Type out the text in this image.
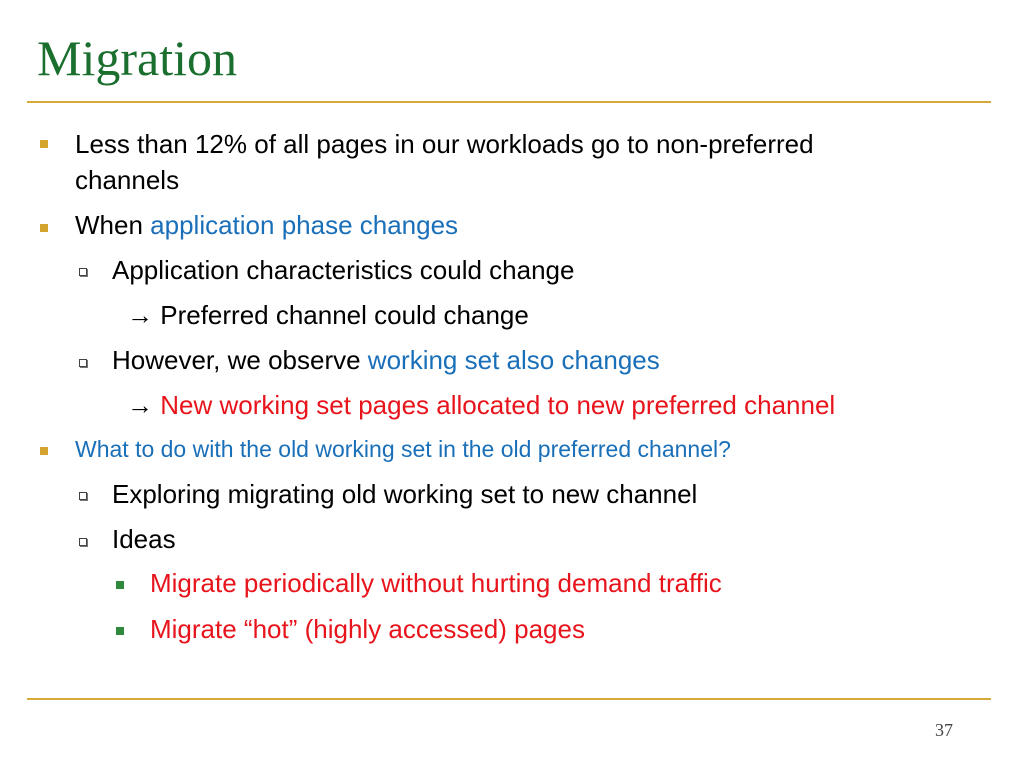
Migration
Less than 12% of all pages in our workloads go to non-preferred
channels
When application phase changes
Application characteristics could change
→ Preferred channel could change
However, we observe working set also changes
→ New working set pages allocated to new preferred channel
What to do with the old working set in the old preferred channel?
Exploring migrating old working set to new channel
Ideas
Migrate periodically without hurting demand traffic
Migrate “hot” (highly accessed) pages
37
